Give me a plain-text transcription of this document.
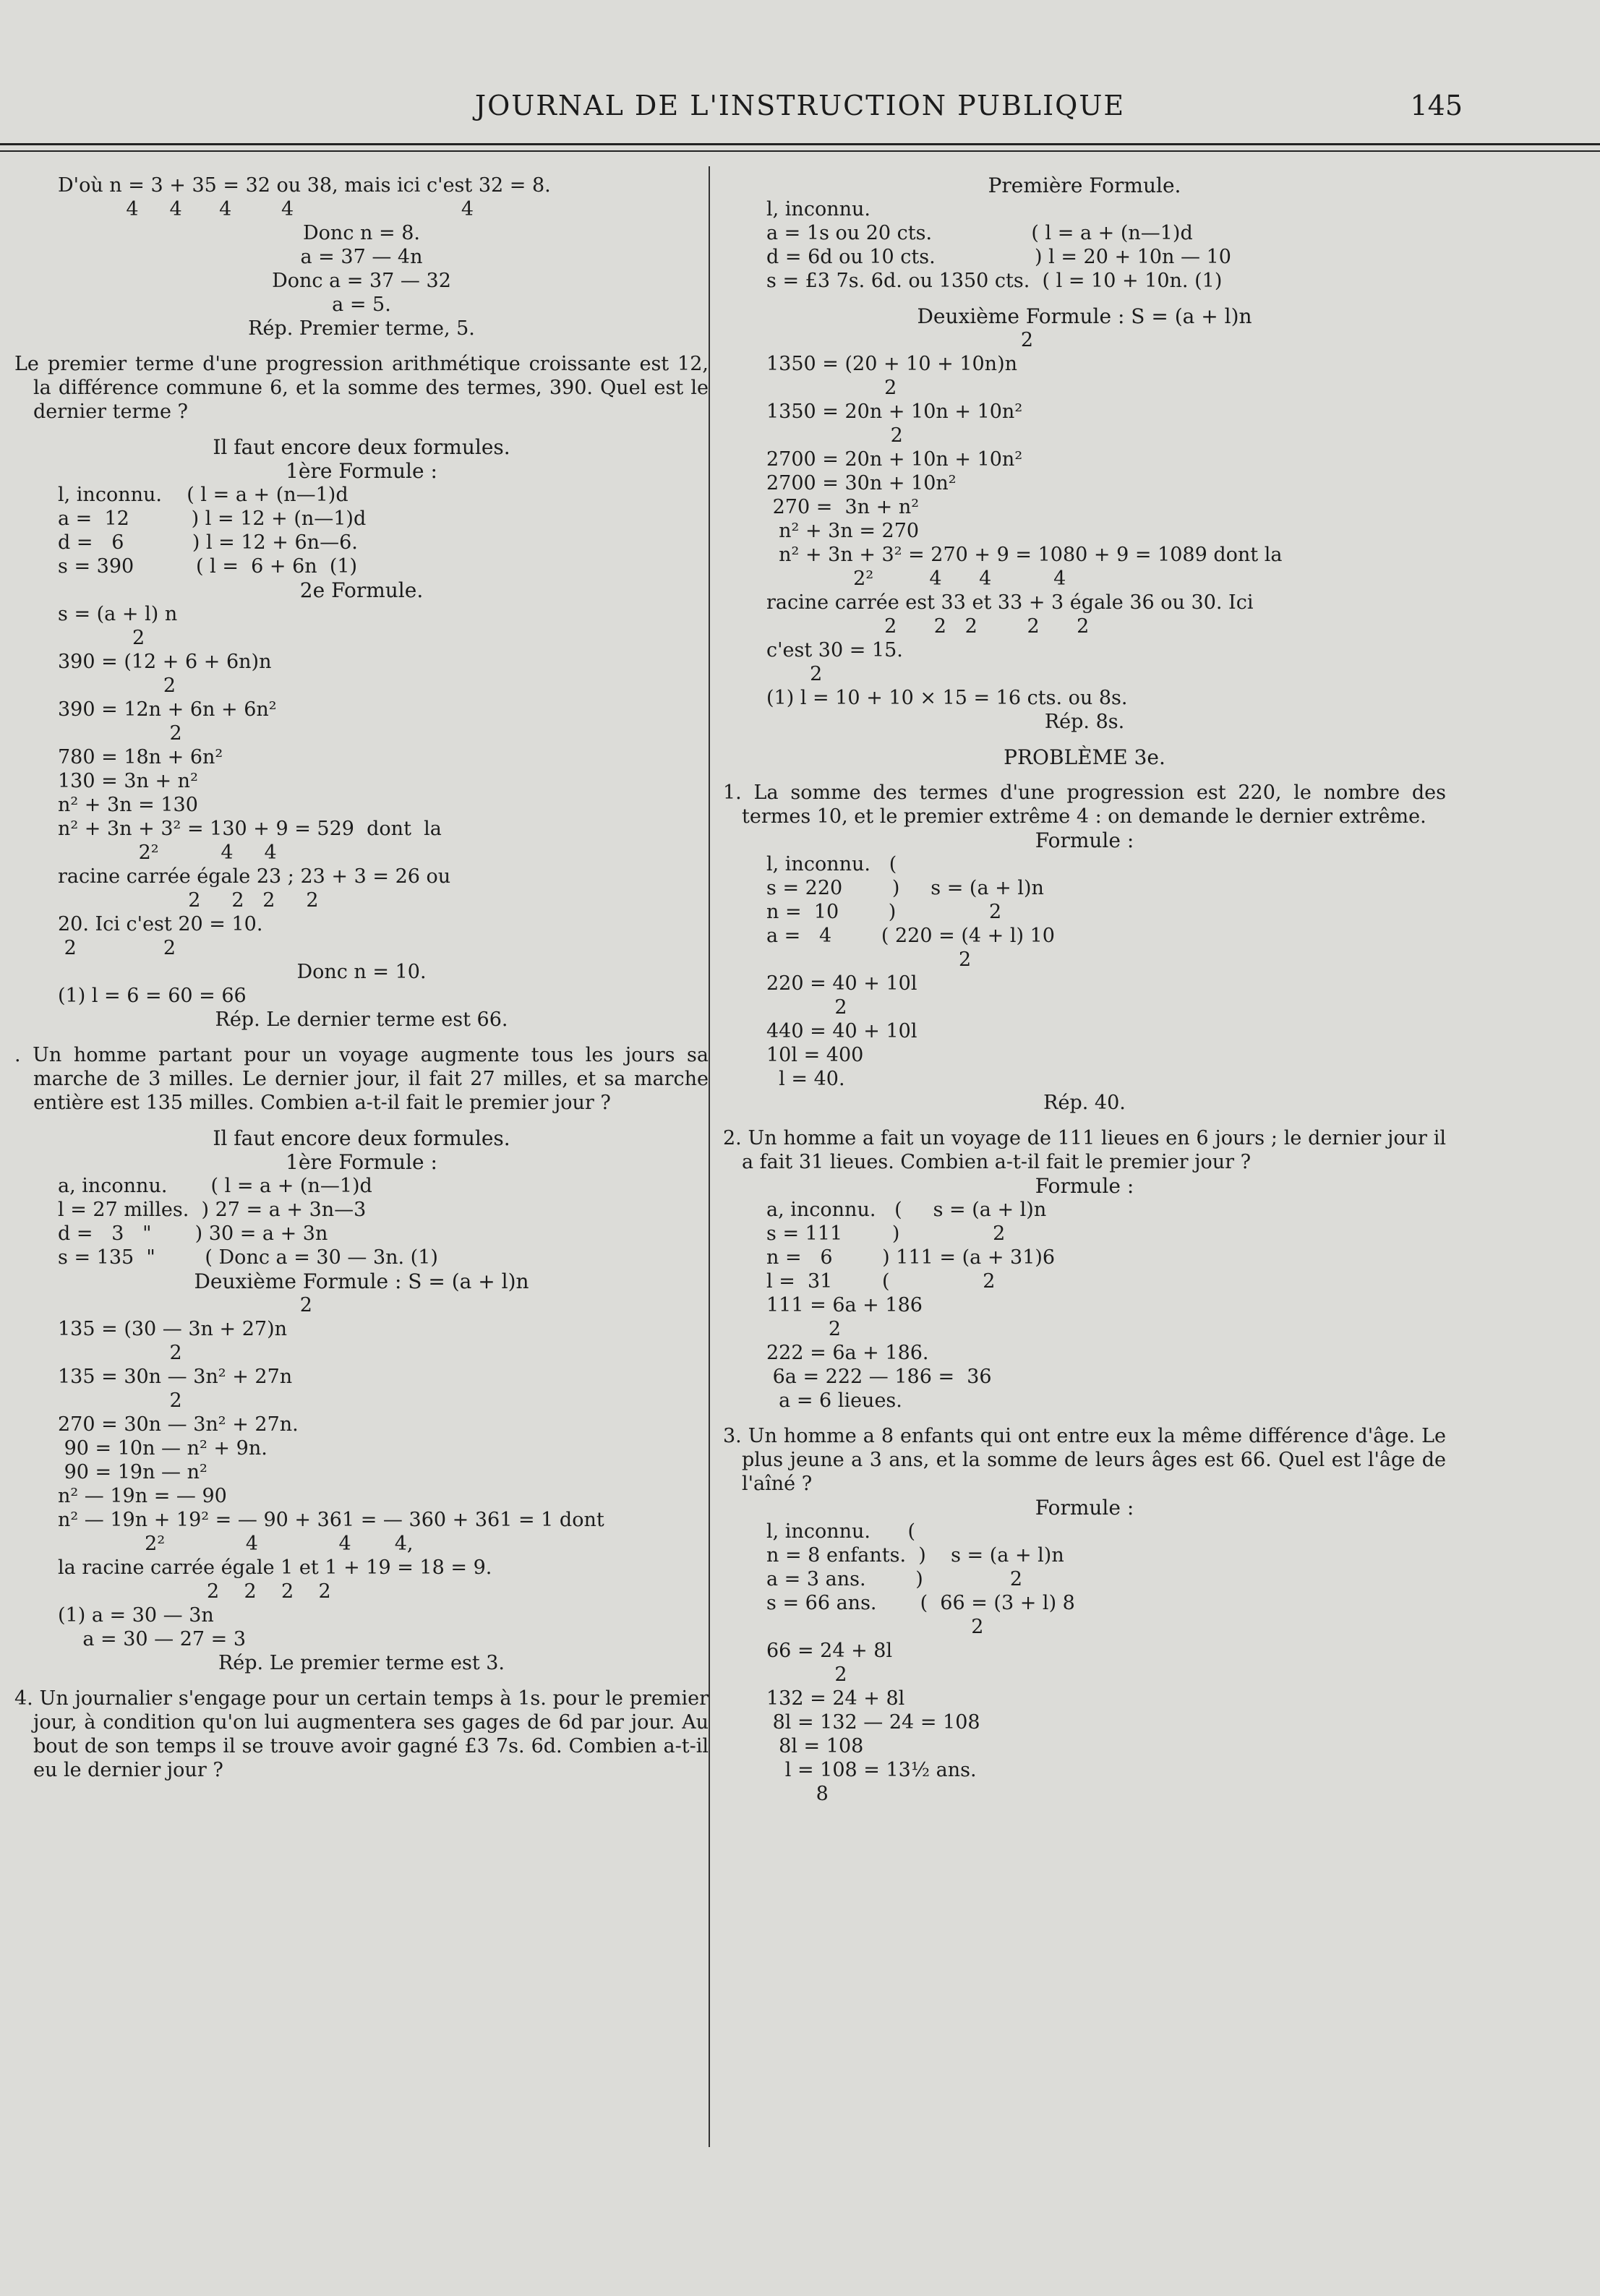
JOURNAL DE L'INSTRUCTION PUBLIQUE	145
D'où n = 3 + 35 = 32 ou 38, mais ici c'est 32 = 8.
4     4      4        4                           4
Donc n = 8.
a = 37 — 4n
Donc a = 37 — 32
a = 5.
Rép. Premier terme, 5.
Le premier terme d'une progression arithmétique croissante est 12, la différence commune 6, et la somme des termes, 390. Quel est le dernier terme ?
Il faut encore deux formules.
1ère Formule :
l, inconnu.    ( l = a + (n—1)d
a =  12          ) l = 12 + (n—1)d
d =   6           ) l = 12 + 6n—6.
s = 390          ( l =  6 + 6n  (1)
2e Formule.
s = (a + l) n
2
390 = (12 + 6 + 6n)n
2
390 = 12n + 6n + 6n²
2
780 = 18n + 6n²
130 = 3n + n²
n² + 3n = 130
n² + 3n + 3² = 130 + 9 = 529  dont  la
2²          4     4
racine carrée égale 23 ; 23 + 3 = 26 ou
2     2   2     2
20. Ici c'est 20 = 10.
2              2
Donc n = 10.
(1) l = 6 = 60 = 66
Rép. Le dernier terme est 66.
. Un homme partant pour un voyage augmente tous les jours sa marche de 3 milles. Le dernier jour, il fait 27 milles, et sa marche entière est 135 milles. Combien a-t-il fait le premier jour ?
Il faut encore deux formules.
1ère Formule :
a, inconnu.       ( l = a + (n—1)d
l = 27 milles.  ) 27 = a + 3n—3
d =   3   "       ) 30 = a + 3n
s = 135  "        ( Donc a = 30 — 3n. (1)
Deuxième Formule : S = (a + l)n
2
135 = (30 — 3n + 27)n
2
135 = 30n — 3n² + 27n
2
270 = 30n — 3n² + 27n.
90 = 10n — n² + 9n.
90 = 19n — n²
n² — 19n = — 90
n² — 19n + 19² = — 90 + 361 = — 360 + 361 = 1 dont
2²             4             4       4,
la racine carrée égale 1 et 1 + 19 = 18 = 9.
2    2    2    2
(1) a = 30 — 3n
a = 30 — 27 = 3
Rép. Le premier terme est 3.
4. Un journalier s'engage pour un certain temps à 1s. pour le premier jour, à condition qu'on lui augmentera ses gages de 6d par jour. Au bout de son temps il se trouve avoir gagné £3 7s. 6d. Combien a-t-il eu le dernier jour ?
Première Formule.
l, inconnu.
a = 1s ou 20 cts.                ( l = a + (n—1)d
d = 6d ou 10 cts.                ) l = 20 + 10n — 10
s = £3 7s. 6d. ou 1350 cts.  ( l = 10 + 10n. (1)
Deuxième Formule : S = (a + l)n
2
1350 = (20 + 10 + 10n)n
2
1350 = 20n + 10n + 10n²
2
2700 = 20n + 10n + 10n²
2700 = 30n + 10n²
270 =  3n + n²
n² + 3n = 270
n² + 3n + 3² = 270 + 9 = 1080 + 9 = 1089 dont la
2²         4      4          4
racine carrée est 33 et 33 + 3 égale 36 ou 30. Ici
2      2   2        2      2
c'est 30 = 15.
2
(1) l = 10 + 10 × 15 = 16 cts. ou 8s.
Rép. 8s.
PROBLÈME 3e.
1. La somme des termes d'une progression est 220, le nombre des termes 10, et le premier extrême 4 : on demande le dernier extrême.
Formule :
l, inconnu.   (
s = 220        )     s = (a + l)n
n =  10        )               2
a =   4        ( 220 = (4 + l) 10
2
220 = 40 + 10l
2
440 = 40 + 10l
10l = 400
l = 40.
Rép. 40.
2. Un homme a fait un voyage de 111 lieues en 6 jours ; le dernier jour il a fait 31 lieues. Combien a-t-il fait le premier jour ?
Formule :
a, inconnu.   (     s = (a + l)n
s = 111        )               2
n =   6        ) 111 = (a + 31)6
l =  31        (               2
111 = 6a + 186
2
222 = 6a + 186.
6a = 222 — 186 =  36
a = 6 lieues.
3. Un homme a 8 enfants qui ont entre eux la même différence d'âge. Le plus jeune a 3 ans, et la somme de leurs âges est 66. Quel est l'âge de l'aîné ?
Formule :
l, inconnu.      (
n = 8 enfants.  )    s = (a + l)n
a = 3 ans.        )              2
s = 66 ans.       (  66 = (3 + l) 8
2
66 = 24 + 8l
2
132 = 24 + 8l
8l = 132 — 24 = 108
8l = 108
l = 108 = 13½ ans.
8
